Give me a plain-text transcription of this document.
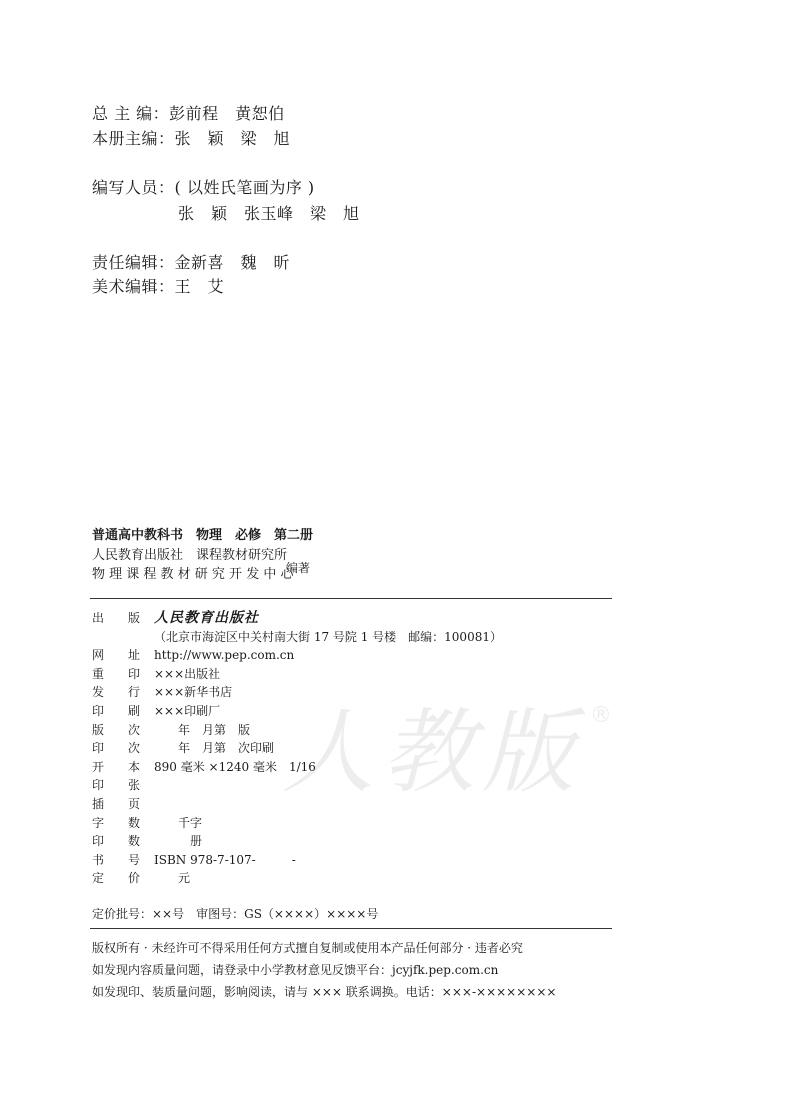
总 主 编：彭前程　黄恕伯
本册主编：张　颖　梁　旭
编写人员：( 以姓氏笔画为序 )
张　颖　张玉峰　梁　旭
责任编辑：金新喜　魏　昕
美术编辑：王　艾
普通高中教科书　物理　必修　第二册
人民教育出版社　课程教材研究所
物 理 课 程 教 材 研 究 开 发 中 心
编著
出　　版 人民教育出版社
（北京市海淀区中关村南大街 17 号院 1 号楼　邮编：100081）
网　　址 http://www.pep.com.cn
重　　印 ×××出版社
发　　行 ×××新华书店
印　　刷 ×××印刷厂
版　　次　　年　月第　版
印　　次　　年　月第　次印刷
开　　本 890 毫米 ×1240 毫米　1/16
印　　张
插　　页
字　　数　　千字
印　　数　　　册
书　　号 ISBN 978-7-107-　　　-
定　　价　　元
人教版 ®
定价批号：××号　审图号：GS（××××）××××号
版权所有 · 未经许可不得采用任何方式擅自复制或使用本产品任何部分 · 违者必究
如发现内容质量问题，请登录中小学教材意见反馈平台：jcyjfk.pep.com.cn
如发现印、装质量问题，影响阅读，请与 ××× 联系调换。电话：×××-××××××××
